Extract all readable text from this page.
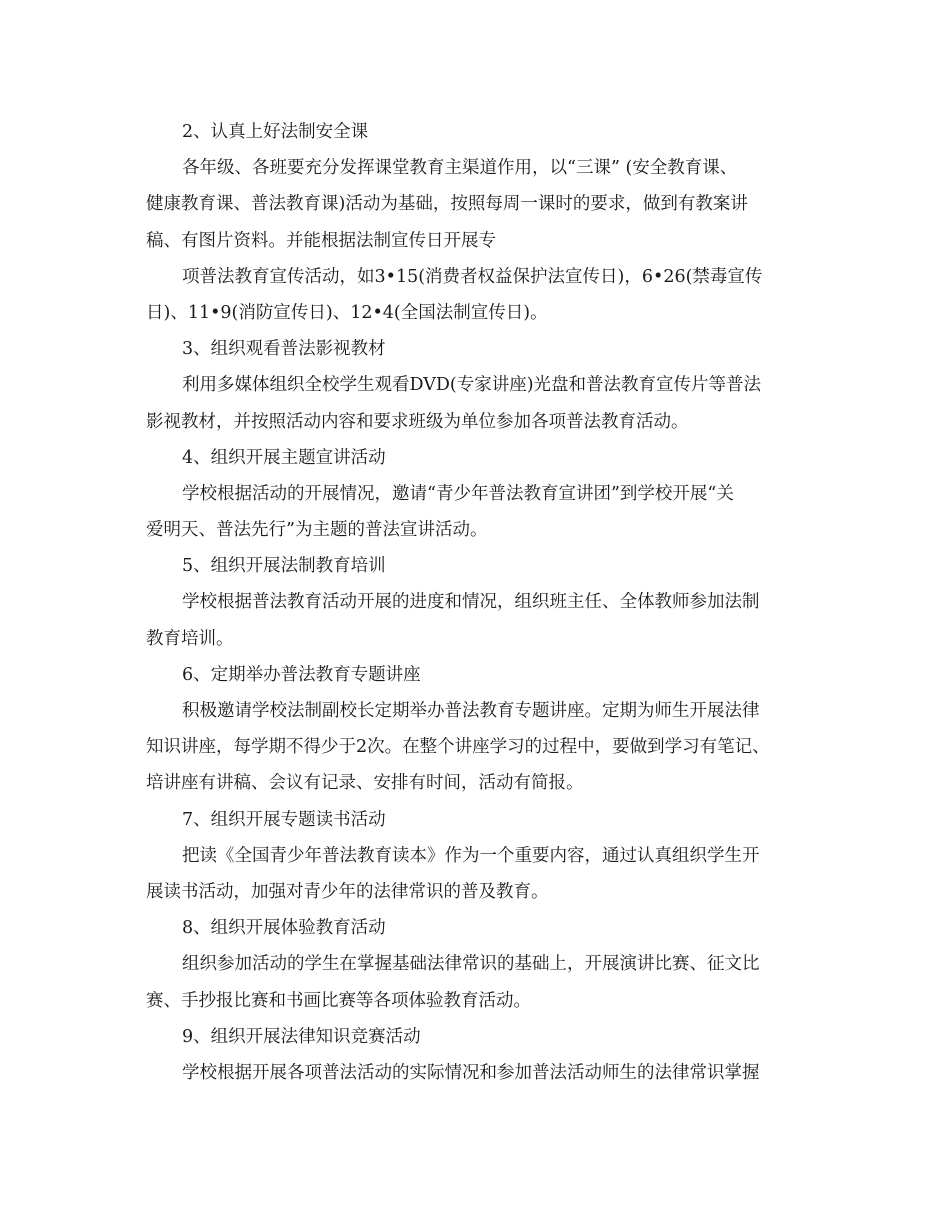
2、认真上好法制安全课
各年级、各班要充分发挥课堂教育主渠道作用，以“三课” (安全教育课、
健康教育课、普法教育课)活动为基础，按照每周一课时的要求，做到有教案讲
稿、有图片资料。并能根据法制宣传日开展专
项普法教育宣传活动，如3•15(消费者权益保护法宣传日)，6•26(禁毒宣传
日)、11•9(消防宣传日)、12•4(全国法制宣传日)。
3、组织观看普法影视教材
利用多媒体组织全校学生观看DVD(专家讲座)光盘和普法教育宣传片等普法
影视教材，并按照活动内容和要求班级为单位参加各项普法教育活动。
4、组织开展主题宣讲活动
学校根据活动的开展情况，邀请“青少年普法教育宣讲团”到学校开展“关
爱明天、普法先行”为主题的普法宣讲活动。
5、组织开展法制教育培训
学校根据普法教育活动开展的进度和情况，组织班主任、全体教师参加法制
教育培训。
6、定期举办普法教育专题讲座
积极邀请学校法制副校长定期举办普法教育专题讲座。定期为师生开展法律
知识讲座，每学期不得少于2次。在整个讲座学习的过程中，要做到学习有笔记、
培讲座有讲稿、会议有记录、安排有时间，活动有简报。
7、组织开展专题读书活动
把读《全国青少年普法教育读本》作为一个重要内容，通过认真组织学生开
展读书活动，加强对青少年的法律常识的普及教育。
8、组织开展体验教育活动
组织参加活动的学生在掌握基础法律常识的基础上，开展演讲比赛、征文比
赛、手抄报比赛和书画比赛等各项体验教育活动。
9、组织开展法律知识竞赛活动
学校根据开展各项普法活动的实际情况和参加普法活动师生的法律常识掌握
